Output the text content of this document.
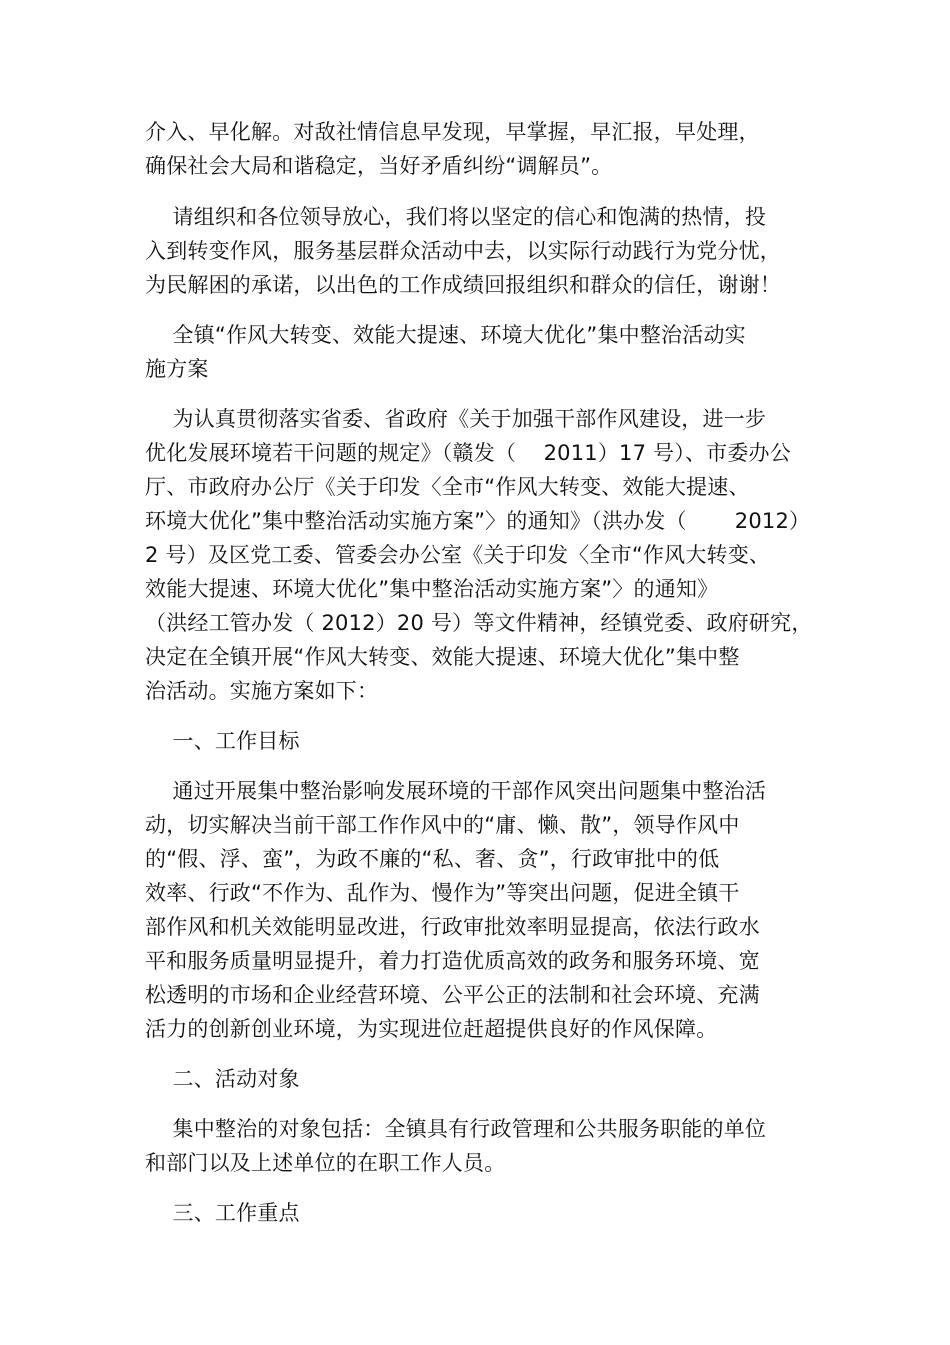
介入、早化解。对敌社情信息早发现，早掌握，早汇报，早处理，
确保社会大局和谐稳定，当好矛盾纠纷“调解员”。
请组织和各位领导放心，我们将以坚定的信心和饱满的热情，投
入到转变作风，服务基层群众活动中去，以实际行动践行为党分忧，
为民解困的承诺，以出色的工作成绩回报组织和群众的信任，谢谢！
全镇“作风大转变、效能大提速、环境大优化”集中整治活动实
施方案
为认真贯彻落实省委、省政府《关于加强干部作风建设，进一步
优化发展环境若干问题的规定》（赣发（    2011）17 号）、市委办公
厅、市政府办公厅《关于印发〈全市“作风大转变、效能大提速、
环境大优化”集中整治活动实施方案”〉的通知》（洪办发（       2012）
2 号）及区党工委、管委会办公室《关于印发〈全市“作风大转变、
效能大提速、环境大优化”集中整治活动实施方案”〉的通知》
（洪经工管办发（ 2012）20 号）等文件精神，经镇党委、政府研究，
决定在全镇开展“作风大转变、效能大提速、环境大优化”集中整
治活动。实施方案如下：
一、工作目标
通过开展集中整治影响发展环境的干部作风突出问题集中整治活
动，切实解决当前干部工作作风中的“庸、懒、散”，领导作风中
的“假、浮、蛮”，为政不廉的“私、奢、贪”，行政审批中的低
效率、行政“不作为、乱作为、慢作为”等突出问题，促进全镇干
部作风和机关效能明显改进，行政审批效率明显提高，依法行政水
平和服务质量明显提升，着力打造优质高效的政务和服务环境、宽
松透明的市场和企业经营环境、公平公正的法制和社会环境、充满
活力的创新创业环境，为实现进位赶超提供良好的作风保障。
二、活动对象
集中整治的对象包括：全镇具有行政管理和公共服务职能的单位
和部门以及上述单位的在职工作人员。
三、工作重点
